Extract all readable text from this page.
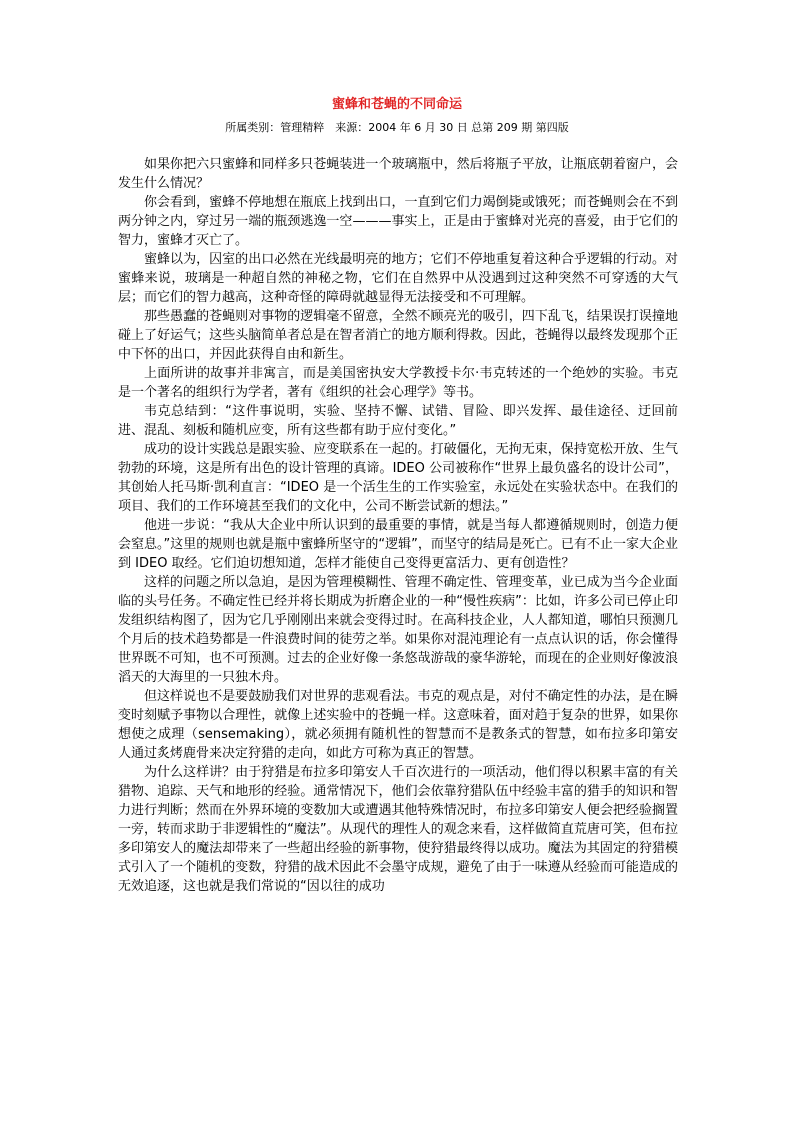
蜜蜂和苍蝇的不同命运
所属类别：管理精粹　来源：2004 年 6 月 30 日 总第 209 期 第四版

如果你把六只蜜蜂和同样多只苍蝇装进一个玻璃瓶中，然后将瓶子平放，让瓶底朝着窗户，会发生什么情况？

你会看到，蜜蜂不停地想在瓶底上找到出口，一直到它们力竭倒毙或饿死；而苍蝇则会在不到两分钟之内，穿过另一端的瓶颈逃逸一空———事实上，正是由于蜜蜂对光亮的喜爱，由于它们的智力，蜜蜂才灭亡了。

蜜蜂以为，囚室的出口必然在光线最明亮的地方；它们不停地重复着这种合乎逻辑的行动。对蜜蜂来说，玻璃是一种超自然的神秘之物，它们在自然界中从没遇到过这种突然不可穿透的大气层；而它们的智力越高，这种奇怪的障碍就越显得无法接受和不可理解。

那些愚蠢的苍蝇则对事物的逻辑毫不留意，全然不顾亮光的吸引，四下乱飞，结果误打误撞地碰上了好运气；这些头脑简单者总是在智者消亡的地方顺利得救。因此，苍蝇得以最终发现那个正中下怀的出口，并因此获得自由和新生。

上面所讲的故事并非寓言，而是美国密执安大学教授卡尔·韦克转述的一个绝妙的实验。韦克是一个著名的组织行为学者，著有《组织的社会心理学》等书。

韦克总结到：“这件事说明，实验、坚持不懈、试错、冒险、即兴发挥、最佳途径、迂回前进、混乱、刻板和随机应变，所有这些都有助于应付变化。”

成功的设计实践总是跟实验、应变联系在一起的。打破僵化，无拘无束，保持宽松开放、生气勃勃的环境，这是所有出色的设计管理的真谛。IDEO 公司被称作“世界上最负盛名的设计公司”，其创始人托马斯·凯利直言：“IDEO 是一个活生生的工作实验室，永远处在实验状态中。在我们的项目、我们的工作环境甚至我们的文化中，公司不断尝试新的想法。”

他进一步说：“我从大企业中所认识到的最重要的事情，就是当每人都遵循规则时，创造力便会窒息。”这里的规则也就是瓶中蜜蜂所坚守的“逻辑”，而坚守的结局是死亡。已有不止一家大企业到 IDEO 取经。它们迫切想知道，怎样才能使自己变得更富活力、更有创造性？

这样的问题之所以急迫，是因为管理模糊性、管理不确定性、管理变革，业已成为当今企业面临的头号任务。不确定性已经并将长期成为折磨企业的一种“慢性疾病”：比如，许多公司已停止印发组织结构图了，因为它几乎刚刚出来就会变得过时。在高科技企业，人人都知道，哪怕只预测几个月后的技术趋势都是一件浪费时间的徒劳之举。如果你对混沌理论有一点点认识的话，你会懂得世界既不可知，也不可预测。过去的企业好像一条悠哉游哉的豪华游轮，而现在的企业则好像波浪滔天的大海里的一只独木舟。

但这样说也不是要鼓励我们对世界的悲观看法。韦克的观点是，对付不确定性的办法，是在瞬变时刻赋予事物以合理性，就像上述实验中的苍蝇一样。这意味着，面对趋于复杂的世界，如果你想使之成理（sensemaking），就必须拥有随机性的智慧而不是教条式的智慧，如布拉多印第安人通过炙烤鹿骨来决定狩猎的走向，如此方可称为真正的智慧。

为什么这样讲？由于狩猎是布拉多印第安人千百次进行的一项活动，他们得以积累丰富的有关猎物、追踪、天气和地形的经验。通常情况下，他们会依靠狩猎队伍中经验丰富的猎手的知识和智力进行判断；然而在外界环境的变数加大或遭遇其他特殊情况时，布拉多印第安人便会把经验搁置一旁，转而求助于非逻辑性的“魔法”。从现代的理性人的观念来看，这样做简直荒唐可笑，但布拉多印第安人的魔法却带来了一些超出经验的新事物，使狩猎最终得以成功。魔法为其固定的狩猎模式引入了一个随机的变数，狩猎的战术因此不会墨守成规，避免了由于一味遵从经验而可能造成的无效追逐，这也就是我们常说的“因以往的成功
